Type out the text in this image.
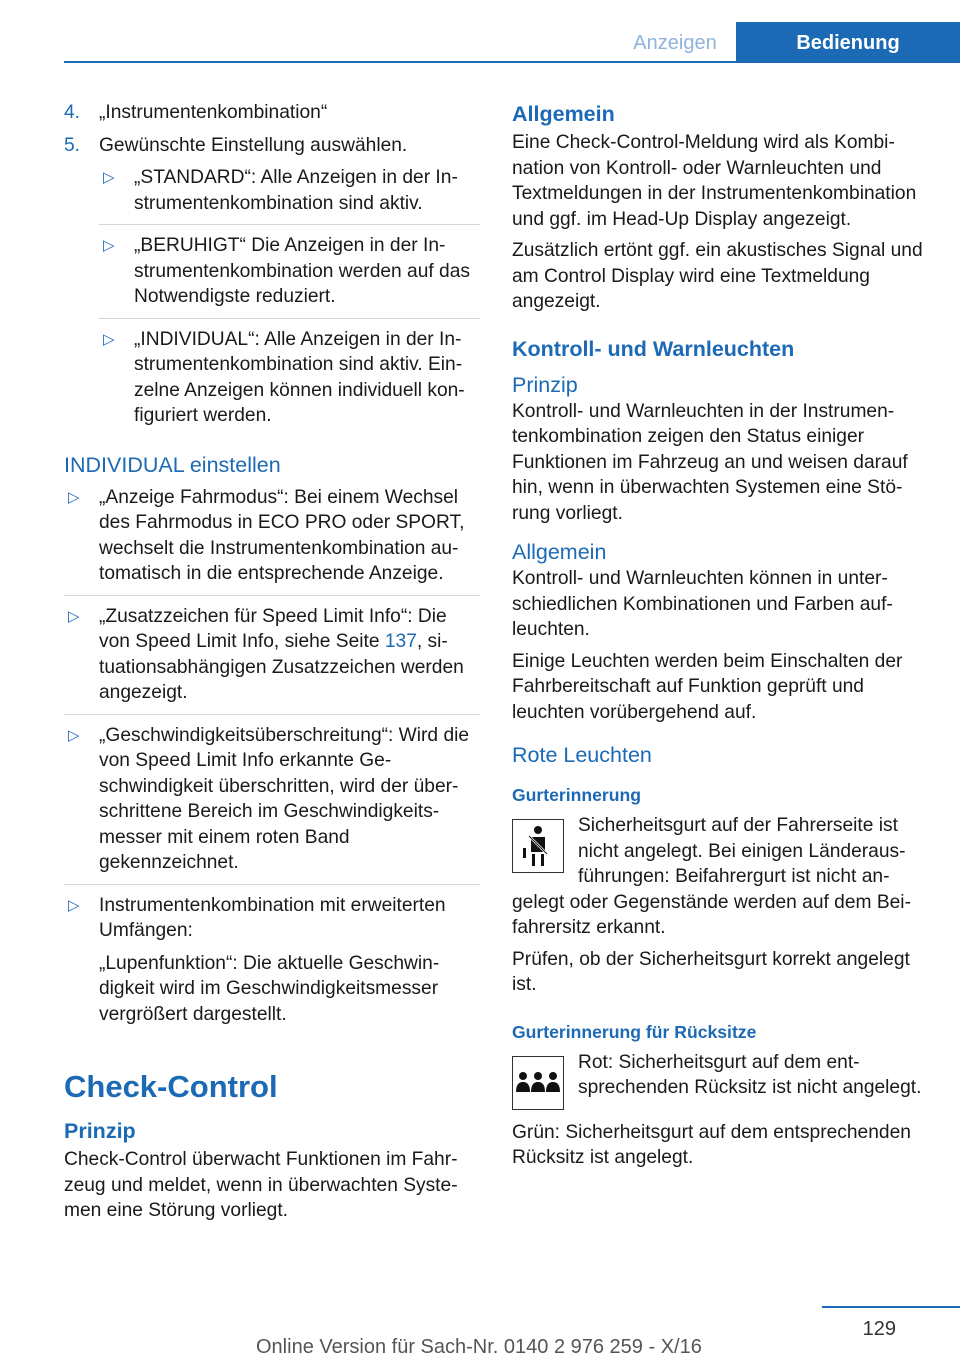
Anzeigen	Bedienung
4. „Instrumentenkombination“
5. Gewünschte Einstellung auswählen.
▷ „STANDARD“: Alle Anzeigen in der Instrumentenkombination sind aktiv.
▷ „BERUHIGT“ Die Anzeigen in der Instrumentenkombination werden auf das Notwendigste reduziert.
▷ „INDIVIDUAL“: Alle Anzeigen in der Instrumentenkombination sind aktiv. Einzelne Anzeigen können individuell konfiguriert werden.
INDIVIDUAL einstellen
▷ „Anzeige Fahrmodus“: Bei einem Wechsel des Fahrmodus in ECO PRO oder SPORT, wechselt die Instrumentenkombination automatisch in die entsprechende Anzeige.
▷ „Zusatzzeichen für Speed Limit Info“: Die von Speed Limit Info, siehe Seite 137, situationsabhängigen Zusatzzeichen werden angezeigt.
▷ „Geschwindigkeitsüberschreitung“: Wird die von Speed Limit Info erkannte Geschwindigkeit überschritten, wird der überschrittene Bereich im Geschwindigkeitsmesser mit einem roten Band gekennzeichnet.
▷ Instrumentenkombination mit erweiterten Umfängen:
„Lupenfunktion“: Die aktuelle Geschwindigkeit wird im Geschwindigkeitsmesser vergrößert dargestellt.
Check-Control
Prinzip

Check-Control überwacht Funktionen im Fahrzeug und meldet, wenn in überwachten Systemen eine Störung vorliegt.

Allgemein

Eine Check-Control-Meldung wird als Kombination von Kontroll- oder Warnleuchten und Textmeldungen in der Instrumentenkombination und ggf. im Head-Up Display angezeigt.

Zusätzlich ertönt ggf. ein akustisches Signal und am Control Display wird eine Textmeldung angezeigt.

Kontroll- und Warnleuchten
Prinzip

Kontroll- und Warnleuchten in der Instrumentenkombination zeigen den Status einiger Funktionen im Fahrzeug an und weisen darauf hin, wenn in überwachten Systemen eine Störung vorliegt.

Allgemein

Kontroll- und Warnleuchten können in unterschiedlichen Kombinationen und Farben aufleuchten.

Einige Leuchten werden beim Einschalten der Fahrbereitschaft auf Funktion geprüft und leuchten vorübergehend auf.

Rote Leuchten
Gurterinnerung
Sicherheitsgurt auf der Fahrerseite ist nicht angelegt. Bei einigen Länderausführungen: Beifahrergurt ist nicht angelegt oder Gegenstände werden auf dem Beifahrersitz erkannt.

Prüfen, ob der Sicherheitsgurt korrekt angelegt ist.

Gurterinnerung für Rücksitze
Rot: Sicherheitsgurt auf dem entsprechenden Rücksitz ist nicht angelegt.

Grün: Sicherheitsgurt auf dem entsprechenden Rücksitz ist angelegt.

129
Online Version für Sach-Nr. 0140 2 976 259 - X/16
